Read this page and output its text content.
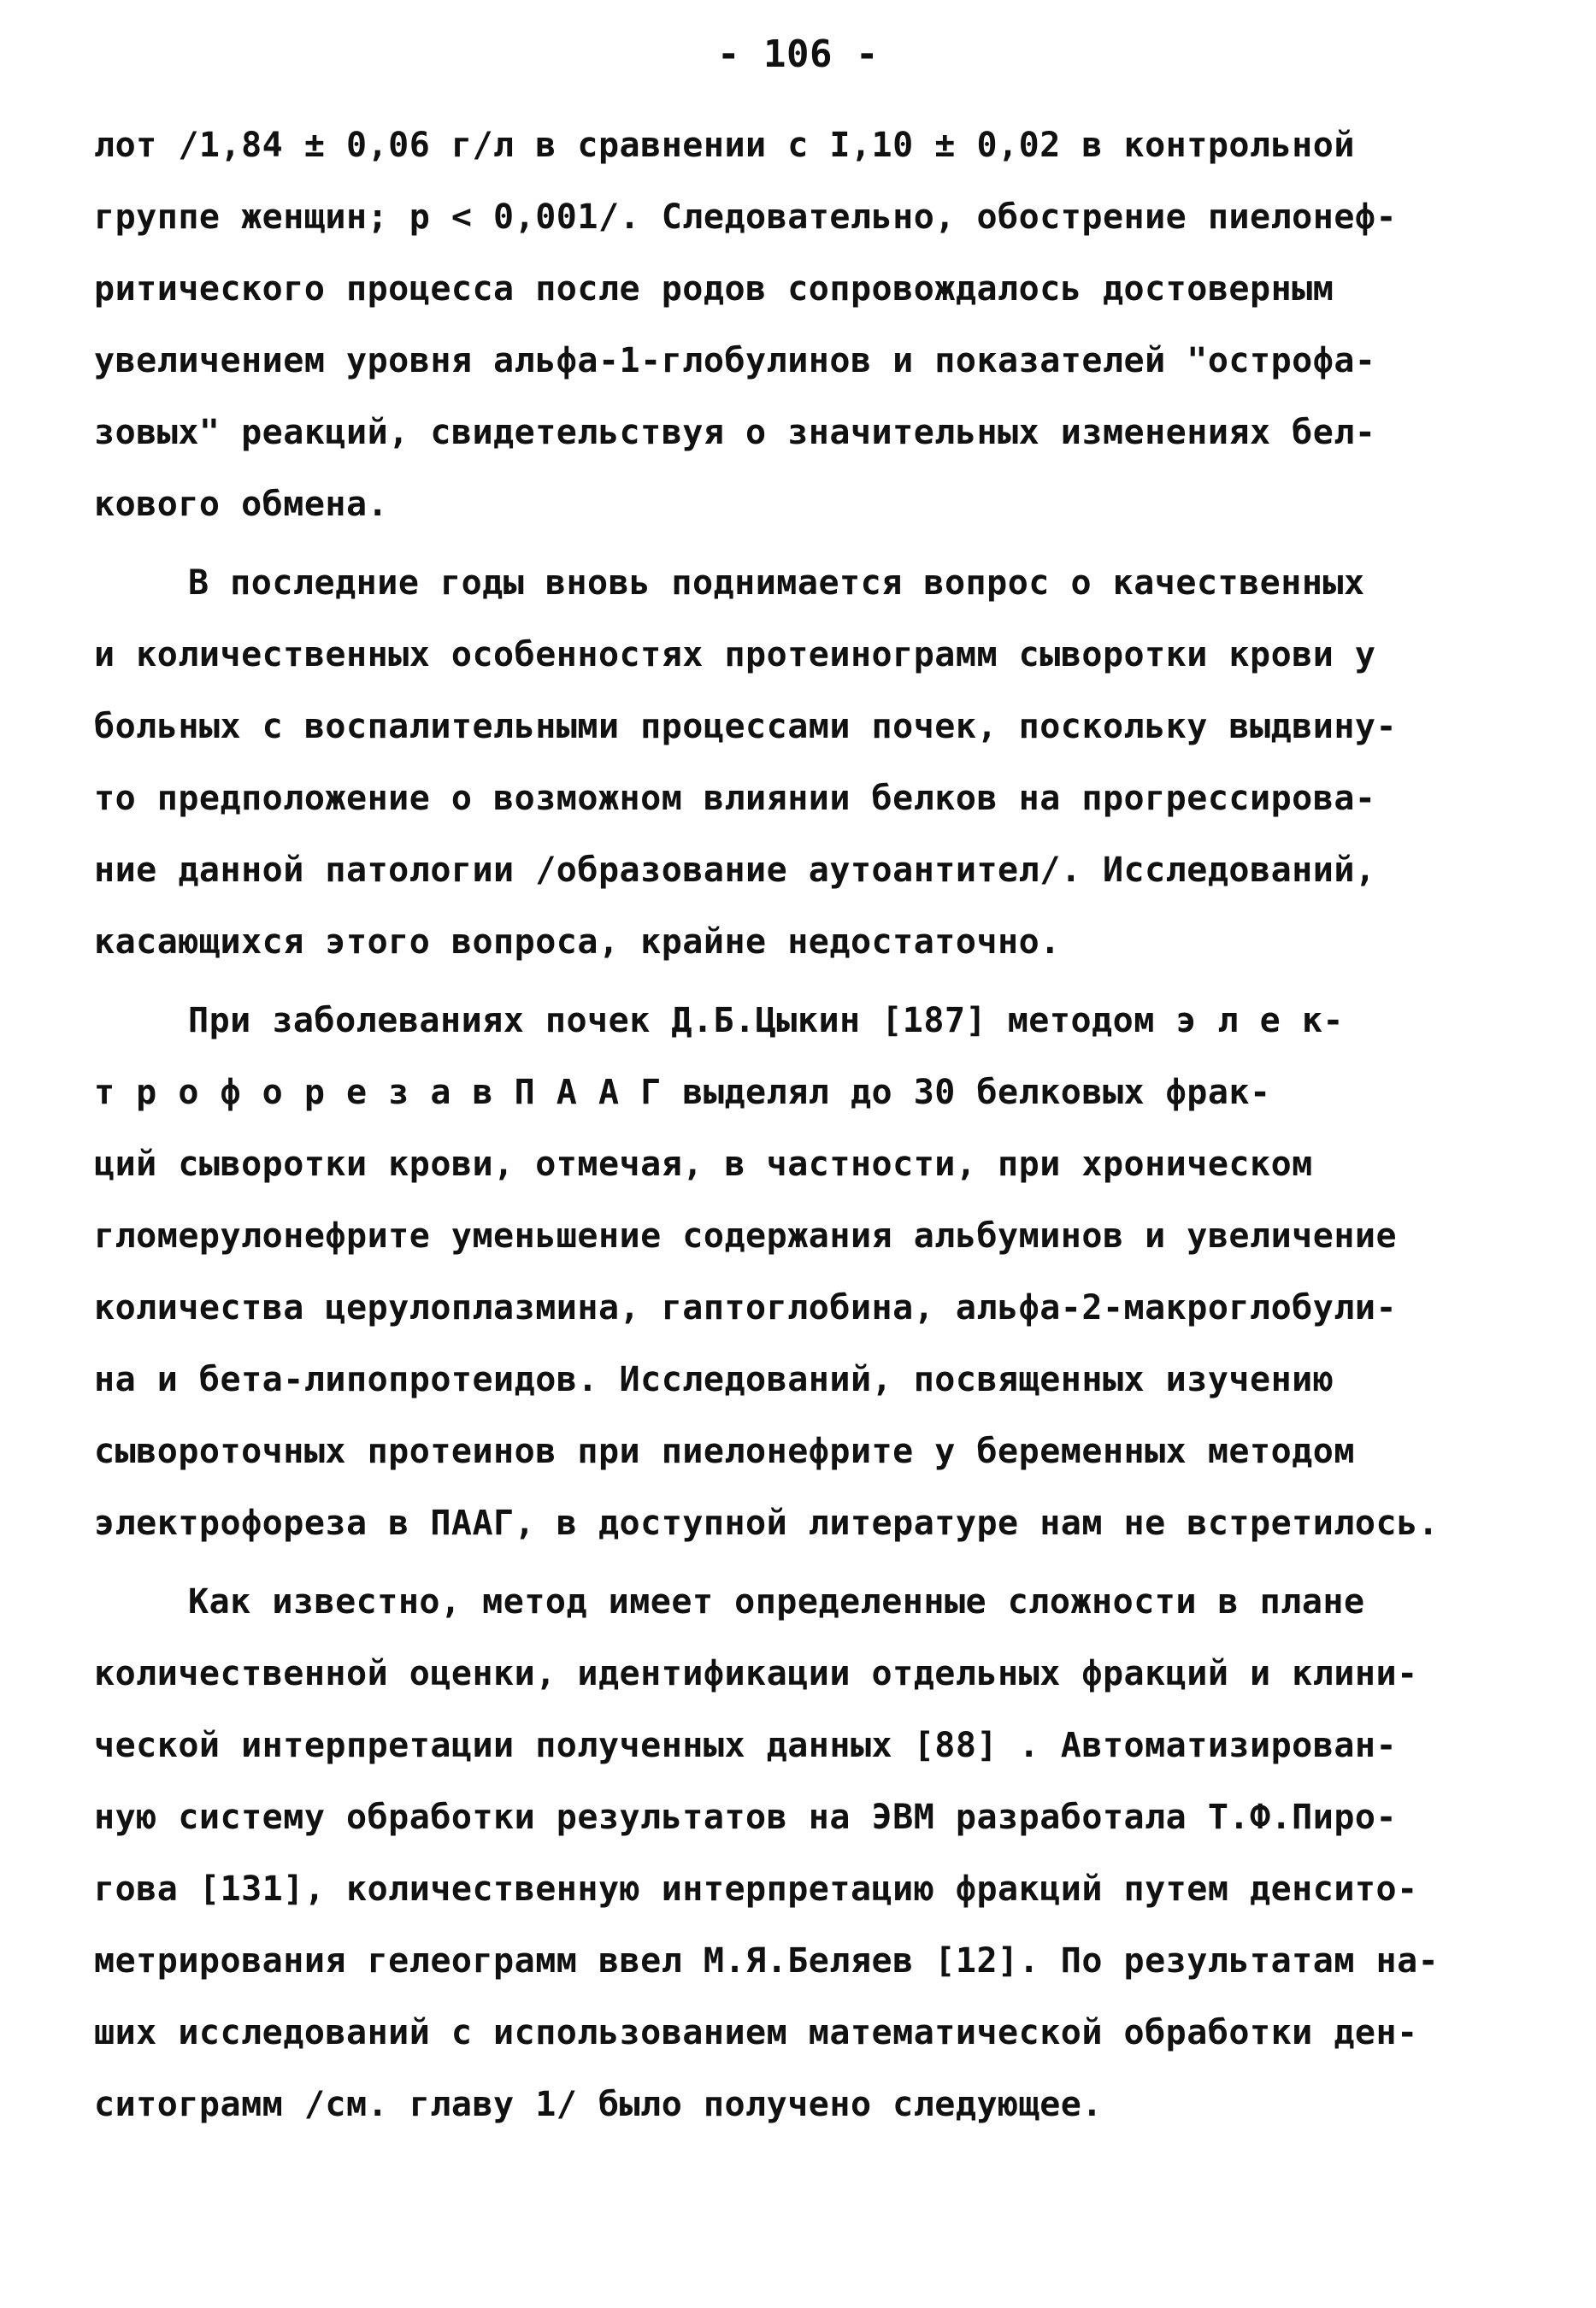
- 106 -
лот /1,84 ± 0,06 г/л в сравнении с I,10 ± 0,02 в контрольной
группе женщин; р < 0,001/. Следовательно, обострение пиелонеф-
ритического процесса после родов сопровождалось достоверным
увеличением уровня альфа-1-глобулинов и показателей "острофа-
зовых" реакций, свидетельствуя о значительных изменениях бел-
кового обмена.
В последние годы вновь поднимается вопрос о качественных
и количественных особенностях протеинограмм сыворотки крови у
больных с воспалительными процессами почек, поскольку выдвину-
то предположение о возможном влиянии белков на прогрессирова-
ние данной патологии /образование аутоантител/. Исследований,
касающихся этого вопроса, крайне недостаточно.
При заболеваниях почек Д.Б.Цыкин [187] методом э л е к-
т р о ф о р е з а в П А А Г выделял до 30 белковых фрак-
ций сыворотки крови, отмечая, в частности, при хроническом
гломерулонефрите уменьшение содержания альбуминов и увеличение
количества церулоплазмина, гаптоглобина, альфа-2-макроглобули-
на и бета-липопротеидов. Исследований, посвященных изучению
сывороточных протеинов при пиелонефрите у беременных методом
электрофореза в ПААГ, в доступной литературе нам не встретилось.
Как известно, метод имеет определенные сложности в плане
количественной оценки, идентификации отдельных фракций и клини-
ческой интерпретации полученных данных [88] . Автоматизирован-
ную систему обработки результатов на ЭВМ разработала Т.Ф.Пиро-
гова [131], количественную интерпретацию фракций путем денсито-
метрирования гелеограмм ввел М.Я.Беляев [12]. По результатам на-
ших исследований с использованием математической обработки ден-
ситограмм /см. главу 1/ было получено следующее.
